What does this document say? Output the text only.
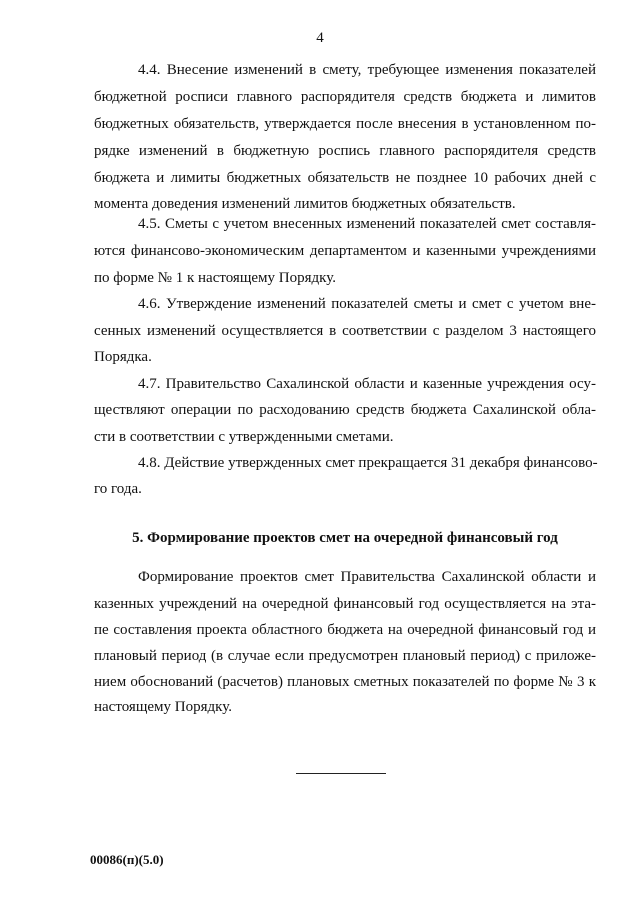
4
4.4. Внесение изменений в смету, требующее изменения показателей
бюджетной росписи главного распорядителя средств бюджета и лимитов
бюджетных обязательств, утверждается после внесения в установленном по-
рядке изменений в бюджетную роспись главного распорядителя средств
бюджета и лимиты бюджетных обязательств не позднее 10 рабочих дней с
момента доведения изменений лимитов бюджетных обязательств.
4.5. Сметы с учетом внесенных изменений показателей смет составля-
ются финансово-экономическим департаментом и казенными учреждениями
по форме № 1 к настоящему Порядку.
4.6. Утверждение изменений показателей сметы и смет с учетом вне-
сенных изменений осуществляется в соответствии с разделом 3 настоящего
Порядка.
4.7. Правительство Сахалинской области и казенные учреждения осу-
ществляют операции по расходованию средств бюджета Сахалинской обла-
сти в соответствии с утвержденными сметами.
4.8. Действие утвержденных смет прекращается 31 декабря финансово-
го года.
5. Формирование проектов смет на очередной финансовый год
Формирование проектов смет Правительства Сахалинской области и
казенных учреждений на очередной финансовый год осуществляется на эта-
пе составления проекта областного бюджета на очередной финансовый год и
плановый период (в случае если предусмотрен плановый период) с приложе-
нием обоснований (расчетов) плановых сметных показателей по форме № 3 к
настоящему Порядку.
00086(п)(5.0)
